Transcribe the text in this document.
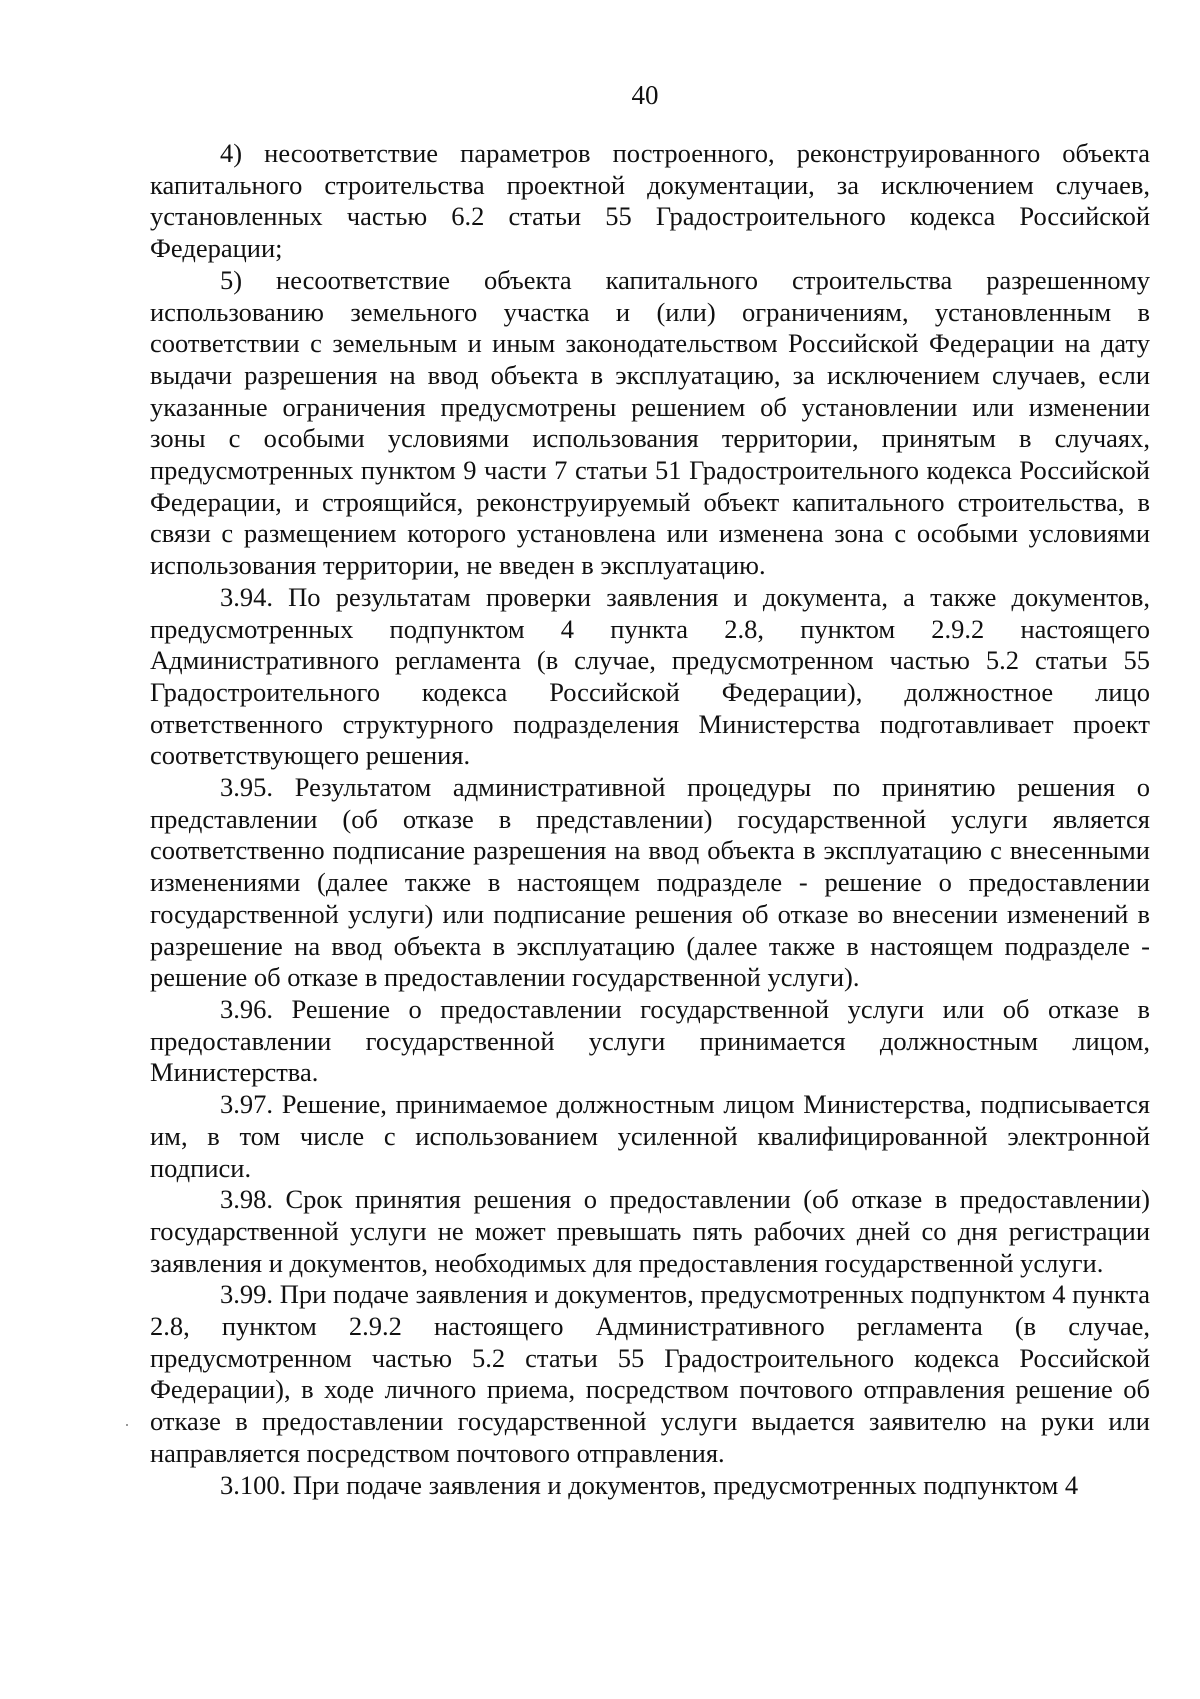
40

4) несоответствие параметров построенного, реконструированного объекта капитального строительства проектной документации, за исключением случаев, установленных частью 6.2 статьи 55 Градостроительного кодекса Российской Федерации;

5) несоответствие объекта капитального строительства разрешенному использованию земельного участка и (или) ограничениям, установленным в соответствии с земельным и иным законодательством Российской Федерации на дату выдачи разрешения на ввод объекта в эксплуатацию, за исключением случаев, если указанные ограничения предусмотрены решением об установлении или изменении зоны с особыми условиями использования территории, принятым в случаях, предусмотренных пунктом 9 части 7 статьи 51 Градостроительного кодекса Российской Федерации, и строящийся, реконструируемый объект капитального строительства, в связи с размещением которого установлена или изменена зона с особыми условиями использования территории, не введен в эксплуатацию.

3.94. По результатам проверки заявления и документа, а также документов, предусмотренных подпунктом 4 пункта 2.8, пунктом 2.9.2 настоящего Административного регламента (в случае, предусмотренном частью 5.2 статьи 55 Градостроительного кодекса Российской Федерации), должностное лицо ответственного структурного подразделения Министерства подготавливает проект соответствующего решения.

3.95. Результатом административной процедуры по принятию решения о представлении (об отказе в представлении) государственной услуги является соответственно подписание разрешения на ввод объекта в эксплуатацию с внесенными изменениями (далее также в настоящем подразделе - решение о предоставлении государственной услуги) или подписание решения об отказе во внесении изменений в разрешение на ввод объекта в эксплуатацию (далее также в настоящем подразделе - решение об отказе в предоставлении государственной услуги).

3.96. Решение о предоставлении государственной услуги или об отказе в предоставлении государственной услуги принимается должностным лицом, Министерства.

3.97. Решение, принимаемое должностным лицом Министерства, подписывается им, в том числе с использованием усиленной квалифицированной электронной подписи.

3.98. Срок принятия решения о предоставлении (об отказе в предоставлении) государственной услуги не может превышать пять рабочих дней со дня регистрации заявления и документов, необходимых для предоставления государственной услуги.

3.99. При подаче заявления и документов, предусмотренных подпунктом 4 пункта 2.8, пунктом 2.9.2 настоящего Административного регламента (в случае, предусмотренном частью 5.2 статьи 55 Градостроительного кодекса Российской Федерации), в ходе личного приема, посредством почтового отправления решение об отказе в предоставлении государственной услуги выдается заявителю на руки или направляется посредством почтового отправления.

3.100. При подаче заявления и документов, предусмотренных подпунктом 4
